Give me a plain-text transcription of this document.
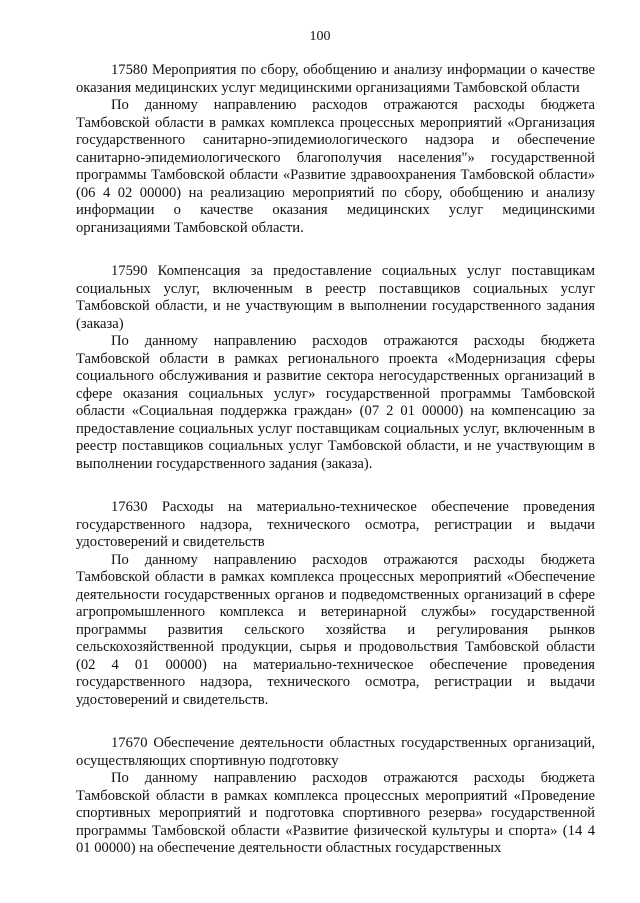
100

17580 Мероприятия по сбору, обобщению и анализу информации о качестве оказания медицинских услуг медицинскими организациями Тамбовской области

По данному направлению расходов отражаются расходы бюджета Тамбовской области в рамках комплекса процессных мероприятий «Организация государственного санитарно-эпидемиологического надзора и обеспечение санитарно-эпидемиологического благополучия населения"» государственной программы Тамбовской области «Развитие здравоохранения Тамбовской области» (06 4 02 00000) на реализацию мероприятий по сбору, обобщению и анализу информации о качестве оказания медицинских услуг медицинскими организациями Тамбовской области.

17590 Компенсация за предоставление социальных услуг поставщикам социальных услуг, включенным в реестр поставщиков социальных услуг Тамбовской области, и не участвующим в выполнении государственного задания (заказа)

По данному направлению расходов отражаются расходы бюджета Тамбовской области в рамках регионального проекта «Модернизация сферы социального обслуживания и развитие сектора негосударственных организаций в сфере оказания социальных услуг» государственной программы Тамбовской области «Социальная поддержка граждан» (07 2 01 00000) на компенсацию за предоставление социальных услуг поставщикам социальных услуг, включенным в реестр поставщиков социальных услуг Тамбовской области, и не участвующим в выполнении государственного задания (заказа).

17630 Расходы на материально-техническое обеспечение проведения государственного надзора, технического осмотра, регистрации и выдачи удостоверений и свидетельств

По данному направлению расходов отражаются расходы бюджета Тамбовской области в рамках комплекса процессных мероприятий «Обеспечение деятельности государственных органов и подведомственных организаций в сфере агропромышленного комплекса и ветеринарной службы» государственной программы развития сельского хозяйства и регулирования рынков сельскохозяйственной продукции, сырья и продовольствия Тамбовской области (02 4 01 00000) на материально-техническое обеспечение проведения государственного надзора, технического осмотра, регистрации и выдачи удостоверений и свидетельств.

17670 Обеспечение деятельности областных государственных организаций, осуществляющих спортивную подготовку

По данному направлению расходов отражаются расходы бюджета Тамбовской области в рамках комплекса процессных мероприятий «Проведение спортивных мероприятий и подготовка спортивного резерва» государственной программы Тамбовской области «Развитие физической культуры и спорта» (14 4 01 00000) на обеспечение деятельности областных государственных
